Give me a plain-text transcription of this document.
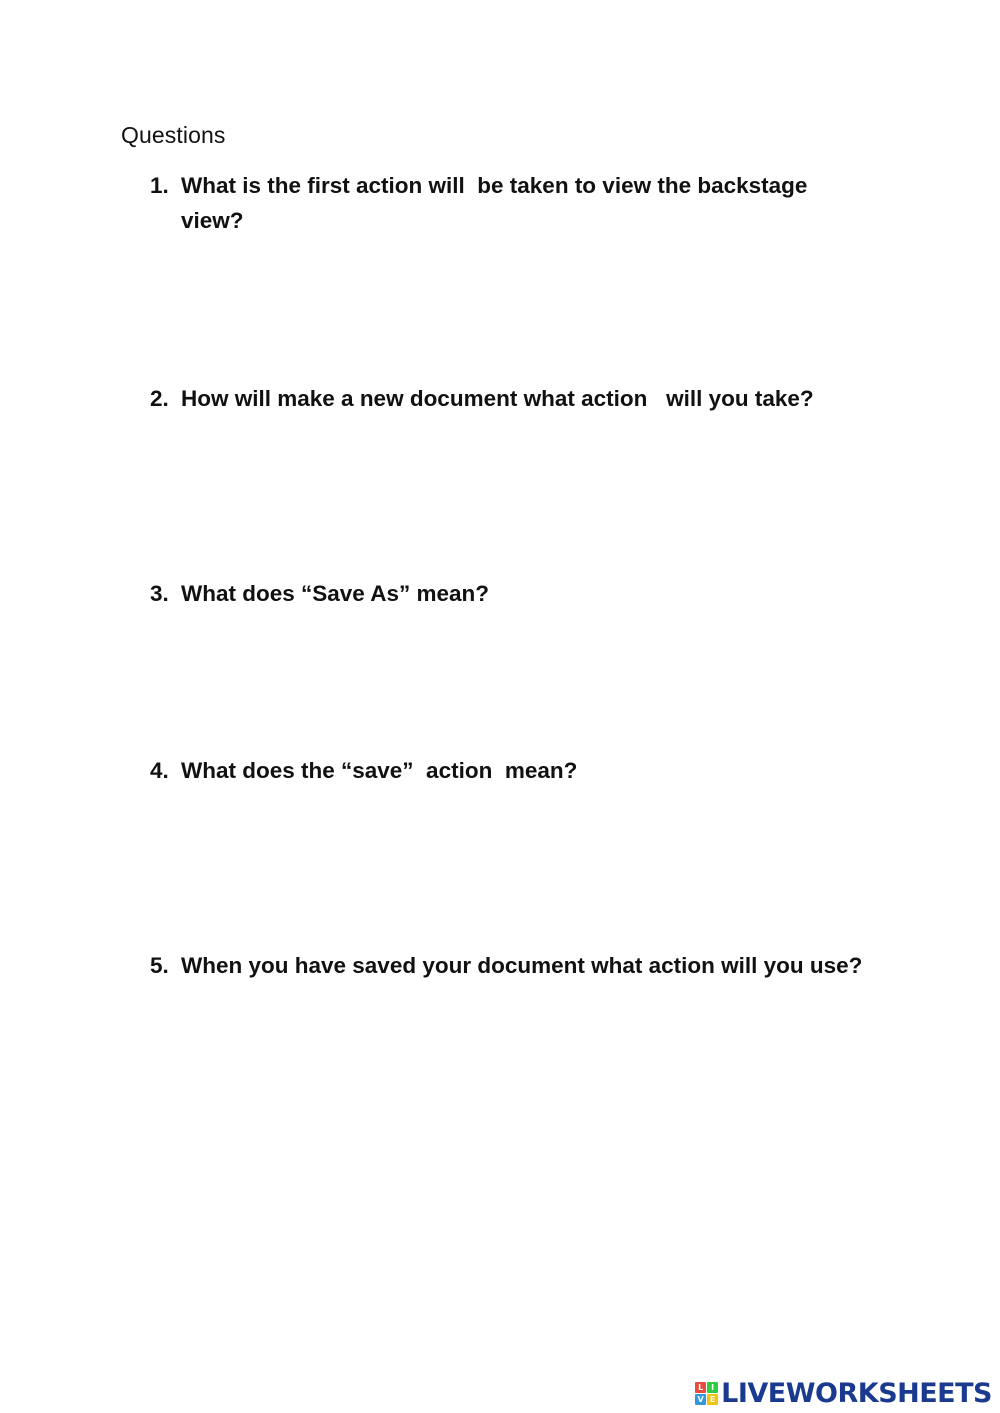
Questions
1. What is the first action will  be taken to view the backstage view?
2. How will make a new document what action   will you take?
3. What does “Save As” mean?
4. What does the “save”  action  mean?
5. When you have saved your document what action will you use?
L I
V E LIVEWORKSHEETS
